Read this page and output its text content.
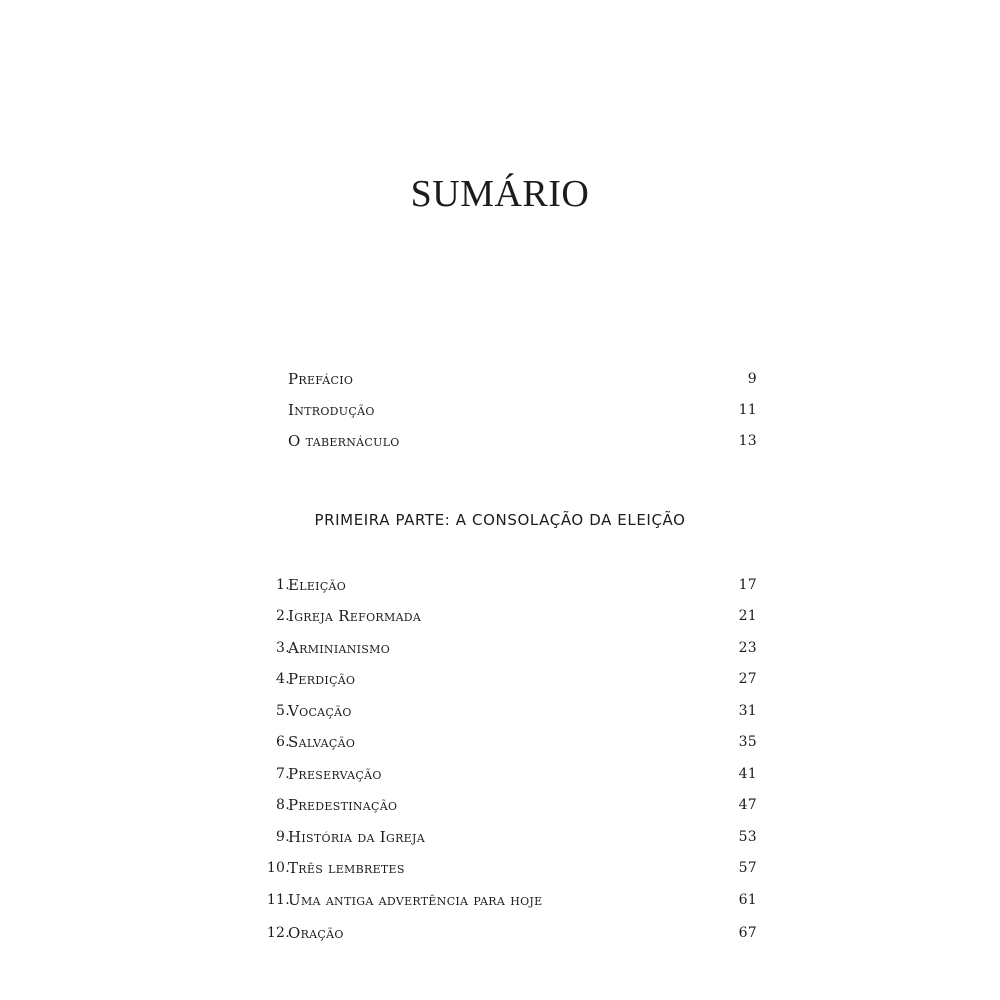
SUMÁRIO
Prefácio	9
Introdução	11
O tabernáculo	13
PRIMEIRA PARTE: A CONSOLAÇÃO DA ELEIÇÃO
1.
Eleição	17
2.
Igreja Reformada	21
3.
Arminianismo	23
4.
Perdição	27
5.
Vocação	31
6.
Salvação	35
7.
Preservação	41
8.
Predestinação	47
9.
História da Igreja	53
10.
Três lembretes	57
11.
Uma antiga advertência para hoje	61
12.
Oração	67
